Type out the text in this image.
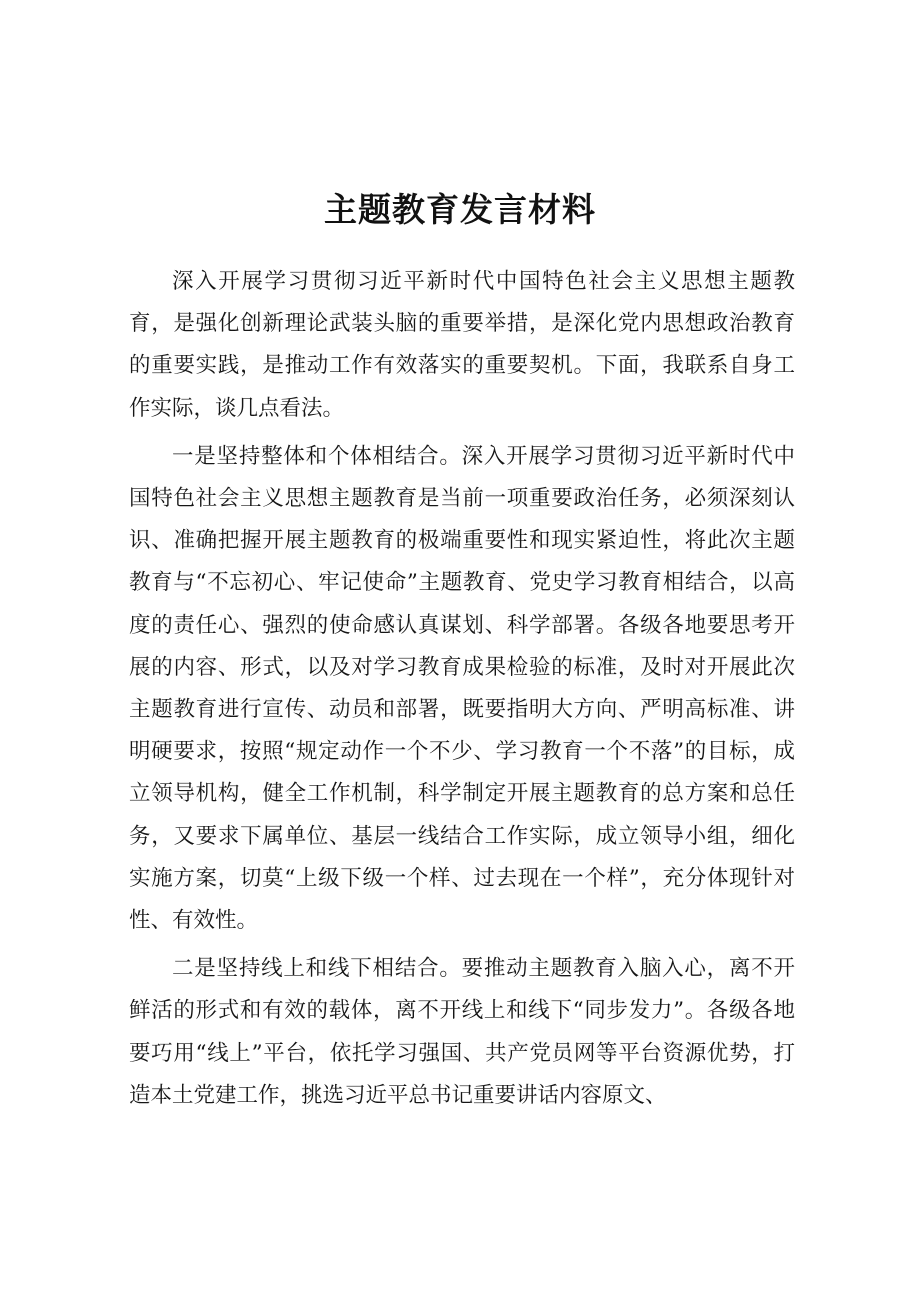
主题教育发言材料

深入开展学习贯彻习近平新时代中国特色社会主义思想主题教育，是强化创新理论武装头脑的重要举措，是深化党内思想政治教育的重要实践，是推动工作有效落实的重要契机。下面，我联系自身工作实际，谈几点看法。

一是坚持整体和个体相结合。深入开展学习贯彻习近平新时代中国特色社会主义思想主题教育是当前一项重要政治任务，必须深刻认识、准确把握开展主题教育的极端重要性和现实紧迫性，将此次主题教育与“不忘初心、牢记使命”主题教育、党史学习教育相结合，以高度的责任心、强烈的使命感认真谋划、科学部署。各级各地要思考开展的内容、形式，以及对学习教育成果检验的标准，及时对开展此次主题教育进行宣传、动员和部署，既要指明大方向、严明高标准、讲明硬要求，按照“规定动作一个不少、学习教育一个不落”的目标，成立领导机构，健全工作机制，科学制定开展主题教育的总方案和总任务，又要求下属单位、基层一线结合工作实际，成立领导小组，细化实施方案，切莫“上级下级一个样、过去现在一个样”，充分体现针对性、有效性。

二是坚持线上和线下相结合。要推动主题教育入脑入心，离不开鲜活的形式和有效的载体，离不开线上和线下“同步发力”。各级各地要巧用“线上”平台，依托学习强国、共产党员网等平台资源优势，打造本土党建工作，挑选习近平总书记重要讲话内容原文、
